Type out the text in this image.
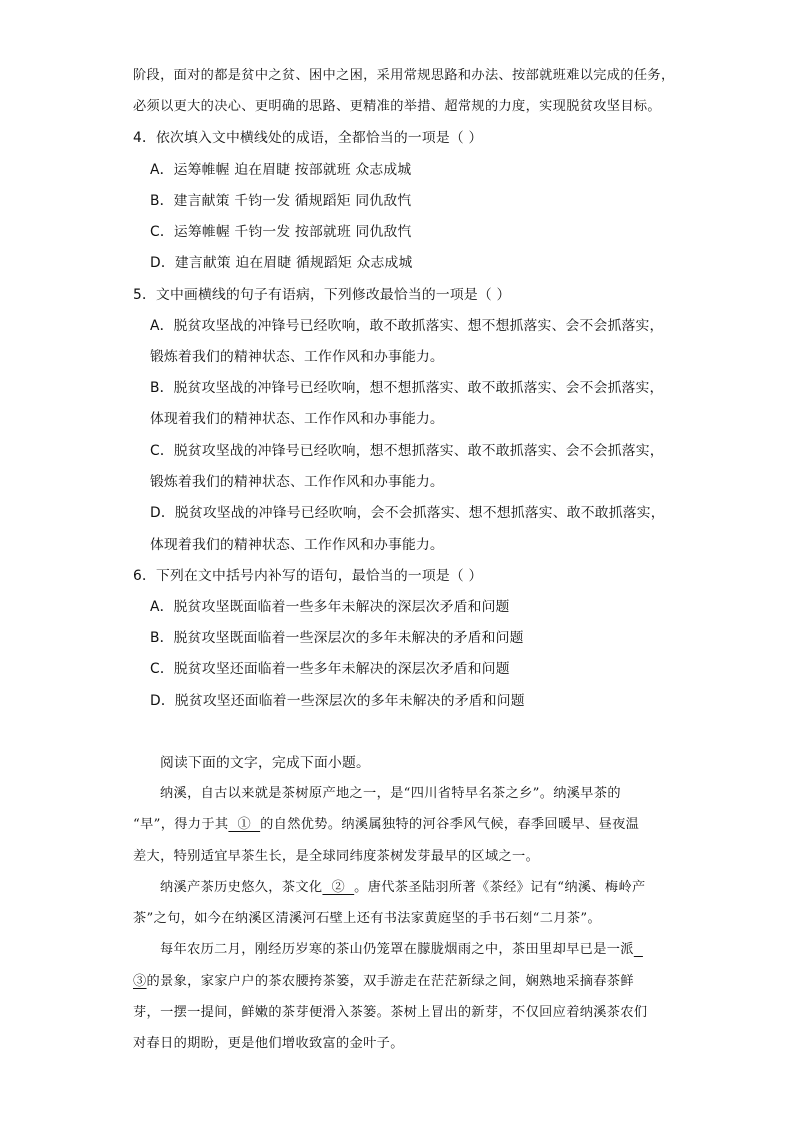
阶段，面对的都是贫中之贫、困中之困，采用常规思路和办法、按部就班难以完成的任务，
必须以更大的决心、更明确的思路、更精准的举措、超常规的力度，实现脱贫攻坚目标。
4．依次填入文中横线处的成语，全都恰当的一项是（ ）
A．运筹帷幄 迫在眉睫 按部就班 众志成城
B．建言献策 千钧一发 循规蹈矩 同仇敌忾
C．运筹帷幄 千钧一发 按部就班 同仇敌忾
D．建言献策 迫在眉睫 循规蹈矩 众志成城
5．文中画横线的句子有语病，下列修改最恰当的一项是（ ）
A．脱贫攻坚战的冲锋号已经吹响，敢不敢抓落实、想不想抓落实、会不会抓落实，
锻炼着我们的精神状态、工作作风和办事能力。
B．脱贫攻坚战的冲锋号已经吹响，想不想抓落实、敢不敢抓落实、会不会抓落实，
体现着我们的精神状态、工作作风和办事能力。
C．脱贫攻坚战的冲锋号已经吹响，想不想抓落实、敢不敢抓落实、会不会抓落实，
锻炼着我们的精神状态、工作作风和办事能力。
D．脱贫攻坚战的冲锋号已经吹响，会不会抓落实、想不想抓落实、敢不敢抓落实，
体现着我们的精神状态、工作作风和办事能力。
6．下列在文中括号内补写的语句，最恰当的一项是（ ）
A．脱贫攻坚既面临着一些多年未解决的深层次矛盾和问题
B．脱贫攻坚既面临着一些深层次的多年未解决的矛盾和问题
C．脱贫攻坚还面临着一些多年未解决的深层次矛盾和问题
D．脱贫攻坚还面临着一些深层次的多年未解决的矛盾和问题
阅读下面的文字，完成下面小题。
纳溪，自古以来就是茶树原产地之一，是“四川省特早名茶之乡”。纳溪早茶的
“早”，得力于其  ①  的自然优势。纳溪属独特的河谷季风气候，春季回暖早、昼夜温
差大，特别适宜早茶生长，是全球同纬度茶树发芽最早的区域之一。
纳溪产茶历史悠久，茶文化  ②  。唐代茶圣陆羽所著《茶经》记有“纳溪、梅岭产
茶”之句，如今在纳溪区清溪河石壁上还有书法家黄庭坚的手书石刻“二月茶”。
每年农历二月，刚经历岁寒的茶山仍笼罩在朦胧烟雨之中，茶田里却早已是一派
③的景象，家家户户的茶农腰挎茶篓，双手游走在茫茫新绿之间，娴熟地采摘春茶鲜
芽，一摆一提间，鲜嫩的茶芽便滑入茶篓。茶树上冒出的新芽，不仅回应着纳溪茶农们
对春日的期盼，更是他们增收致富的金叶子。
